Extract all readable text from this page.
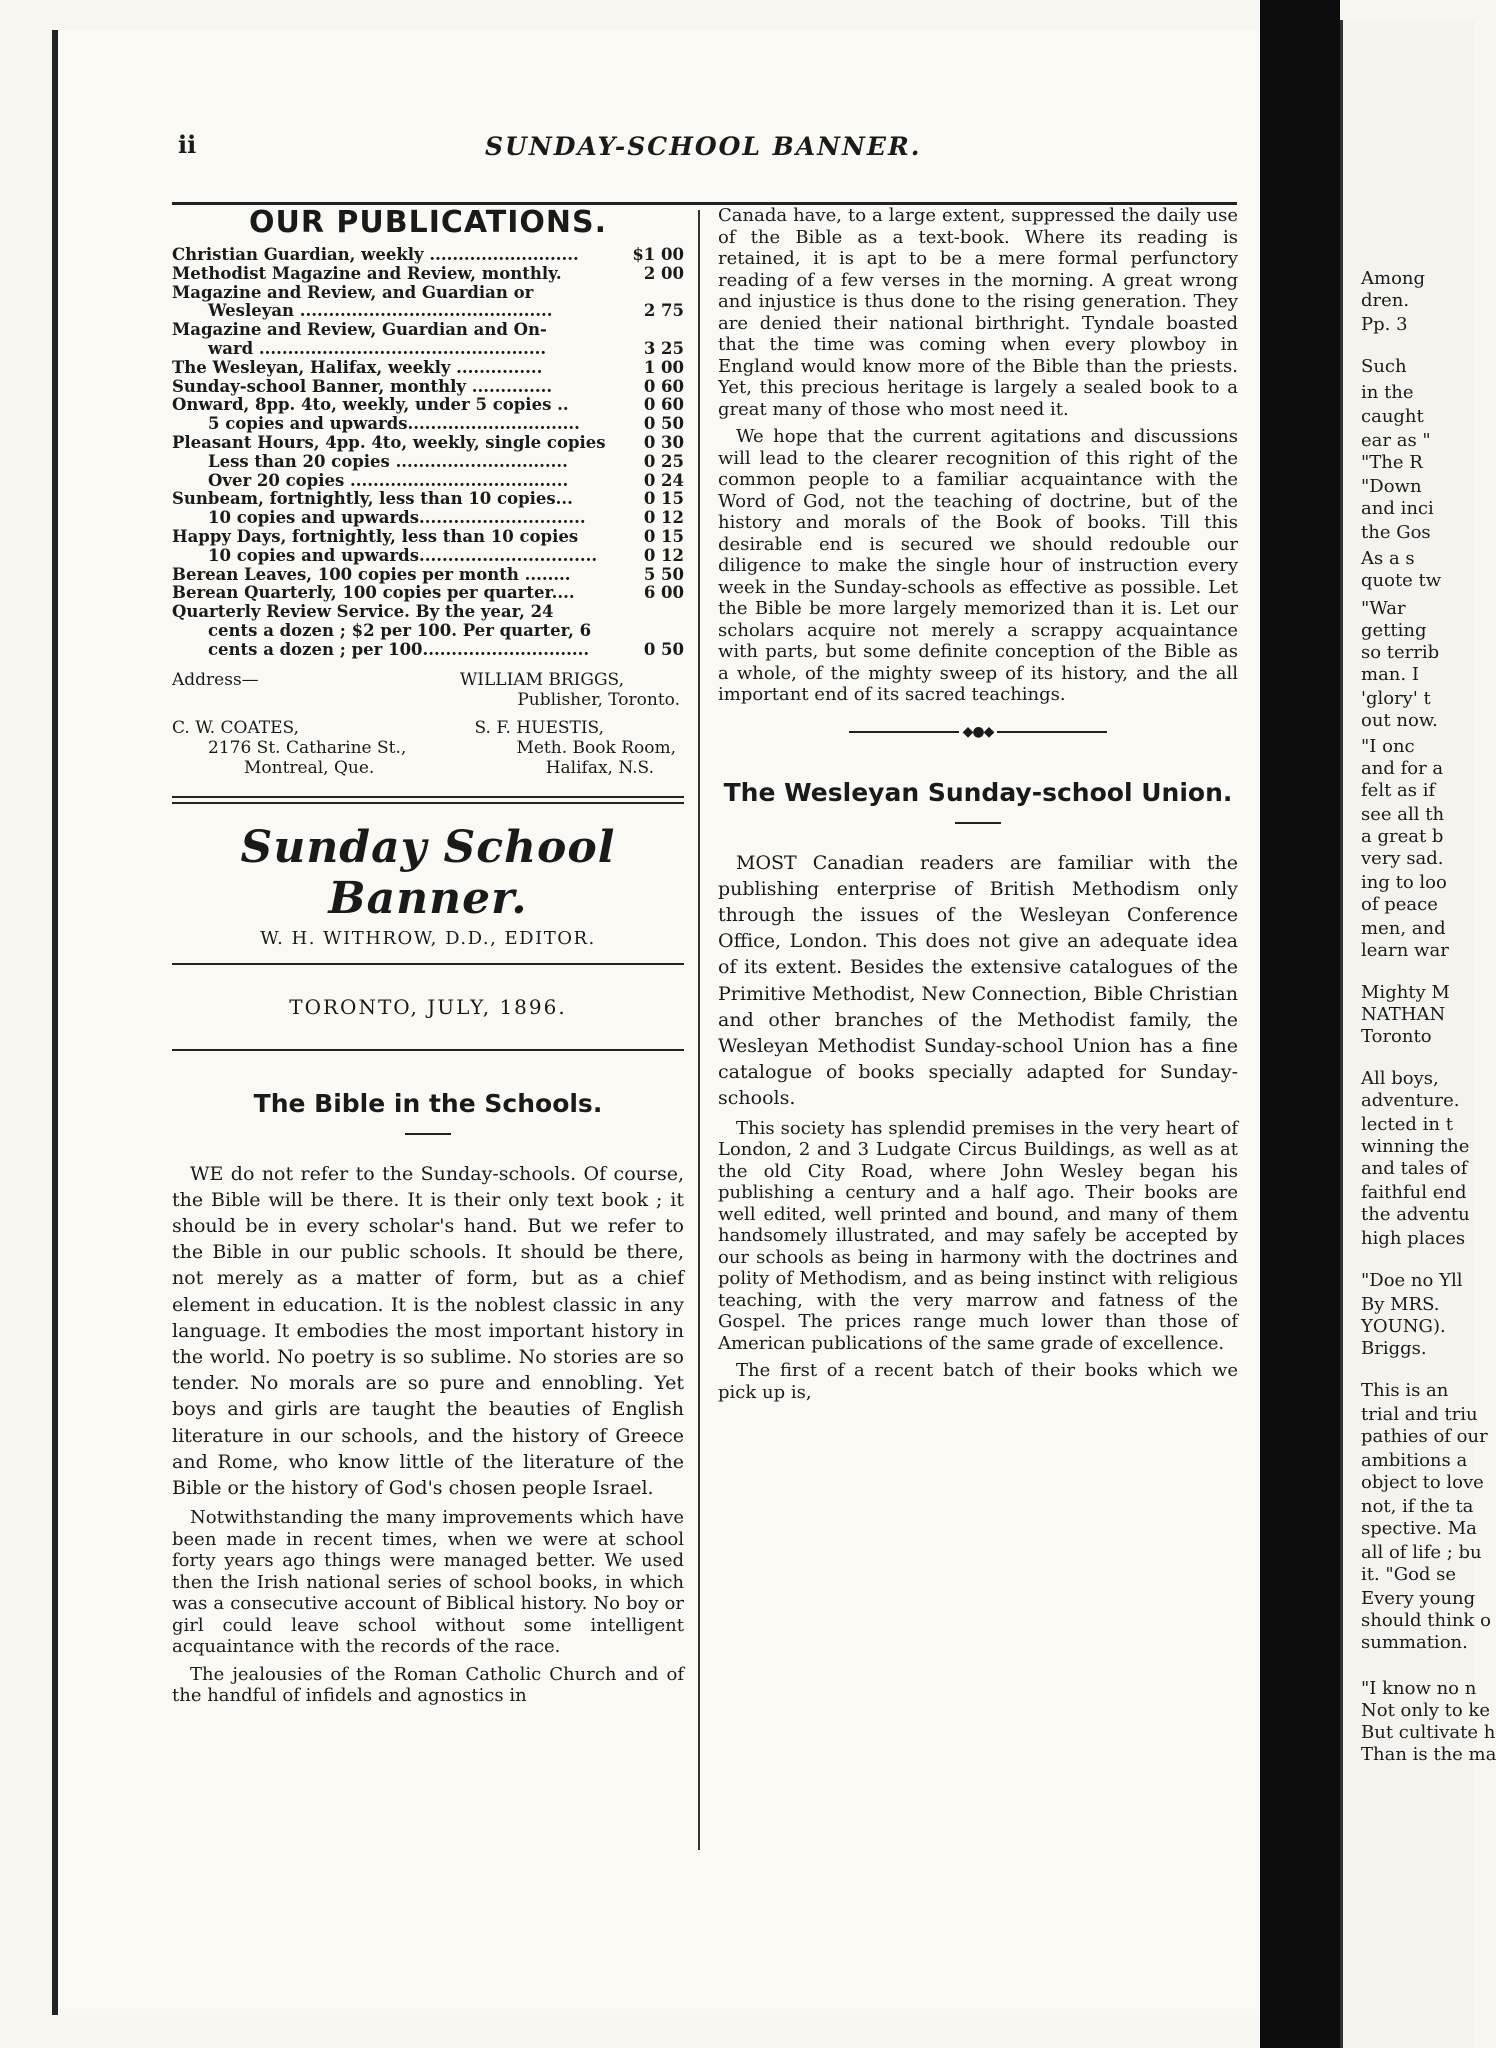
ii	SUNDAY-SCHOOL BANNER.
OUR PUBLICATIONS.
Christian Guardian, weekly ..........................	$1 00
Methodist Magazine and Review, monthly.	2 00
Magazine and Review, and Guardian or
Wesleyan ............................................	2 75
Magazine and Review, Guardian and On-
ward ..................................................	3 25
The Wesleyan, Halifax, weekly ...............	1 00
Sunday-school Banner, monthly ..............	0 60
Onward, 8pp. 4to, weekly, under 5 copies ..	0 60
5 copies and upwards..............................	0 50
Pleasant Hours, 4pp. 4to, weekly, single copies	0 30
Less than 20 copies ..............................	0 25
Over 20 copies ......................................	0 24
Sunbeam, fortnightly, less than 10 copies...	0 15
10 copies and upwards.............................	0 12
Happy Days, fortnightly, less than 10 copies	0 15
10 copies and upwards...............................	0 12
Berean Leaves, 100 copies per month ........	5 50
Berean Quarterly, 100 copies per quarter....	6 00
Quarterly Review Service. By the year, 24
cents a dozen ; $2 per 100. Per quarter, 6
cents a dozen ; per 100.............................	0 50
Address—	WILLIAM BRIGGS,
Publisher, Toronto.
C. W. COATES,	S. F. HUESTIS,
2176 St. Catharine St.,	Meth. Book Room,
Montreal, Que.	Halifax, N.S.
Sunday School Banner.
W. H. WITHROW, D.D., EDITOR.
TORONTO, JULY, 1896.
The Bible in the Schools.

WE do not refer to the Sunday-schools. Of course, the Bible will be there. It is their only text book ; it should be in every scholar's hand. But we refer to the Bible in our public schools. It should be there, not merely as a matter of form, but as a chief element in education. It is the noblest classic in any language. It embodies the most important history in the world. No poetry is so sublime. No stories are so tender. No morals are so pure and ennobling. Yet boys and girls are taught the beauties of English literature in our schools, and the history of Greece and Rome, who know little of the literature of the Bible or the history of God's chosen people Israel.

Notwithstanding the many improvements which have been made in recent times, when we were at school forty years ago things were managed better. We used then the Irish national series of school books, in which was a consecutive account of Biblical history. No boy or girl could leave school without some intelligent acquaintance with the records of the race.

The jealousies of the Roman Catholic Church and of the handful of infidels and agnostics in

Canada have, to a large extent, suppressed the daily use of the Bible as a text-book. Where its reading is retained, it is apt to be a mere formal perfunctory reading of a few verses in the morning. A great wrong and injustice is thus done to the rising generation. They are denied their national birthright. Tyndale boasted that the time was coming when every plowboy in England would know more of the Bible than the priests. Yet, this precious heritage is largely a sealed book to a great many of those who most need it.

We hope that the current agitations and discussions will lead to the clearer recognition of this right of the common people to a familiar acquaintance with the Word of God, not the teaching of doctrine, but of the history and morals of the Book of books. Till this desirable end is secured we should redouble our diligence to make the single hour of instruction every week in the Sunday-schools as effective as possible. Let the Bible be more largely memorized than it is. Let our scholars acquire not merely a scrappy acquaintance with parts, but some definite conception of the Bible as a whole, of the mighty sweep of its history, and the all important end of its sacred teachings.

◆●◆
The Wesleyan Sunday-school Union.

MOST Canadian readers are familiar with the publishing enterprise of British Methodism only through the issues of the Wesleyan Conference Office, London. This does not give an adequate idea of its extent. Besides the extensive catalogues of the Primitive Methodist, New Connection, Bible Christian and other branches of the Methodist family, the Wesleyan Methodist Sunday-school Union has a fine catalogue of books specially adapted for Sunday-schools.

This society has splendid premises in the very heart of London, 2 and 3 Ludgate Circus Buildings, as well as at the old City Road, where John Wesley began his publishing a century and a half ago. Their books are well edited, well printed and bound, and many of them handsomely illustrated, and may safely be accepted by our schools as being in harmony with the doctrines and polity of Methodism, and as being instinct with religious teaching, with the very marrow and fatness of the Gospel. The prices range much lower than those of American publications of the same grade of excellence.

The first of a recent batch of their books which we pick up is,

Among
dren.
Pp. 3
Such
in the
caught
ear as "
"The R
"Down
and inci
the Gos
As a s
quote tw
"War
getting
so terrib
man. I
'glory' t
out now.
"I onc
and for a
felt as if
see all th
a great b
very sad.
ing to loo
of peace
men, and
learn war
Mighty M
NATHAN
Toronto
All boys,
adventure.
lected in t
winning the
and tales of
faithful end
the adventu
high places
"Doe no Yll
By MRS.
YOUNG).
Briggs.
This is an
trial and triu
pathies of our
ambitions a
object to love
not, if the ta
spective. Ma
all of life ; bu
it. "God se
Every young
should think o
summation.
"I know no n
Not only to ke
But cultivate h
Than is the ma
